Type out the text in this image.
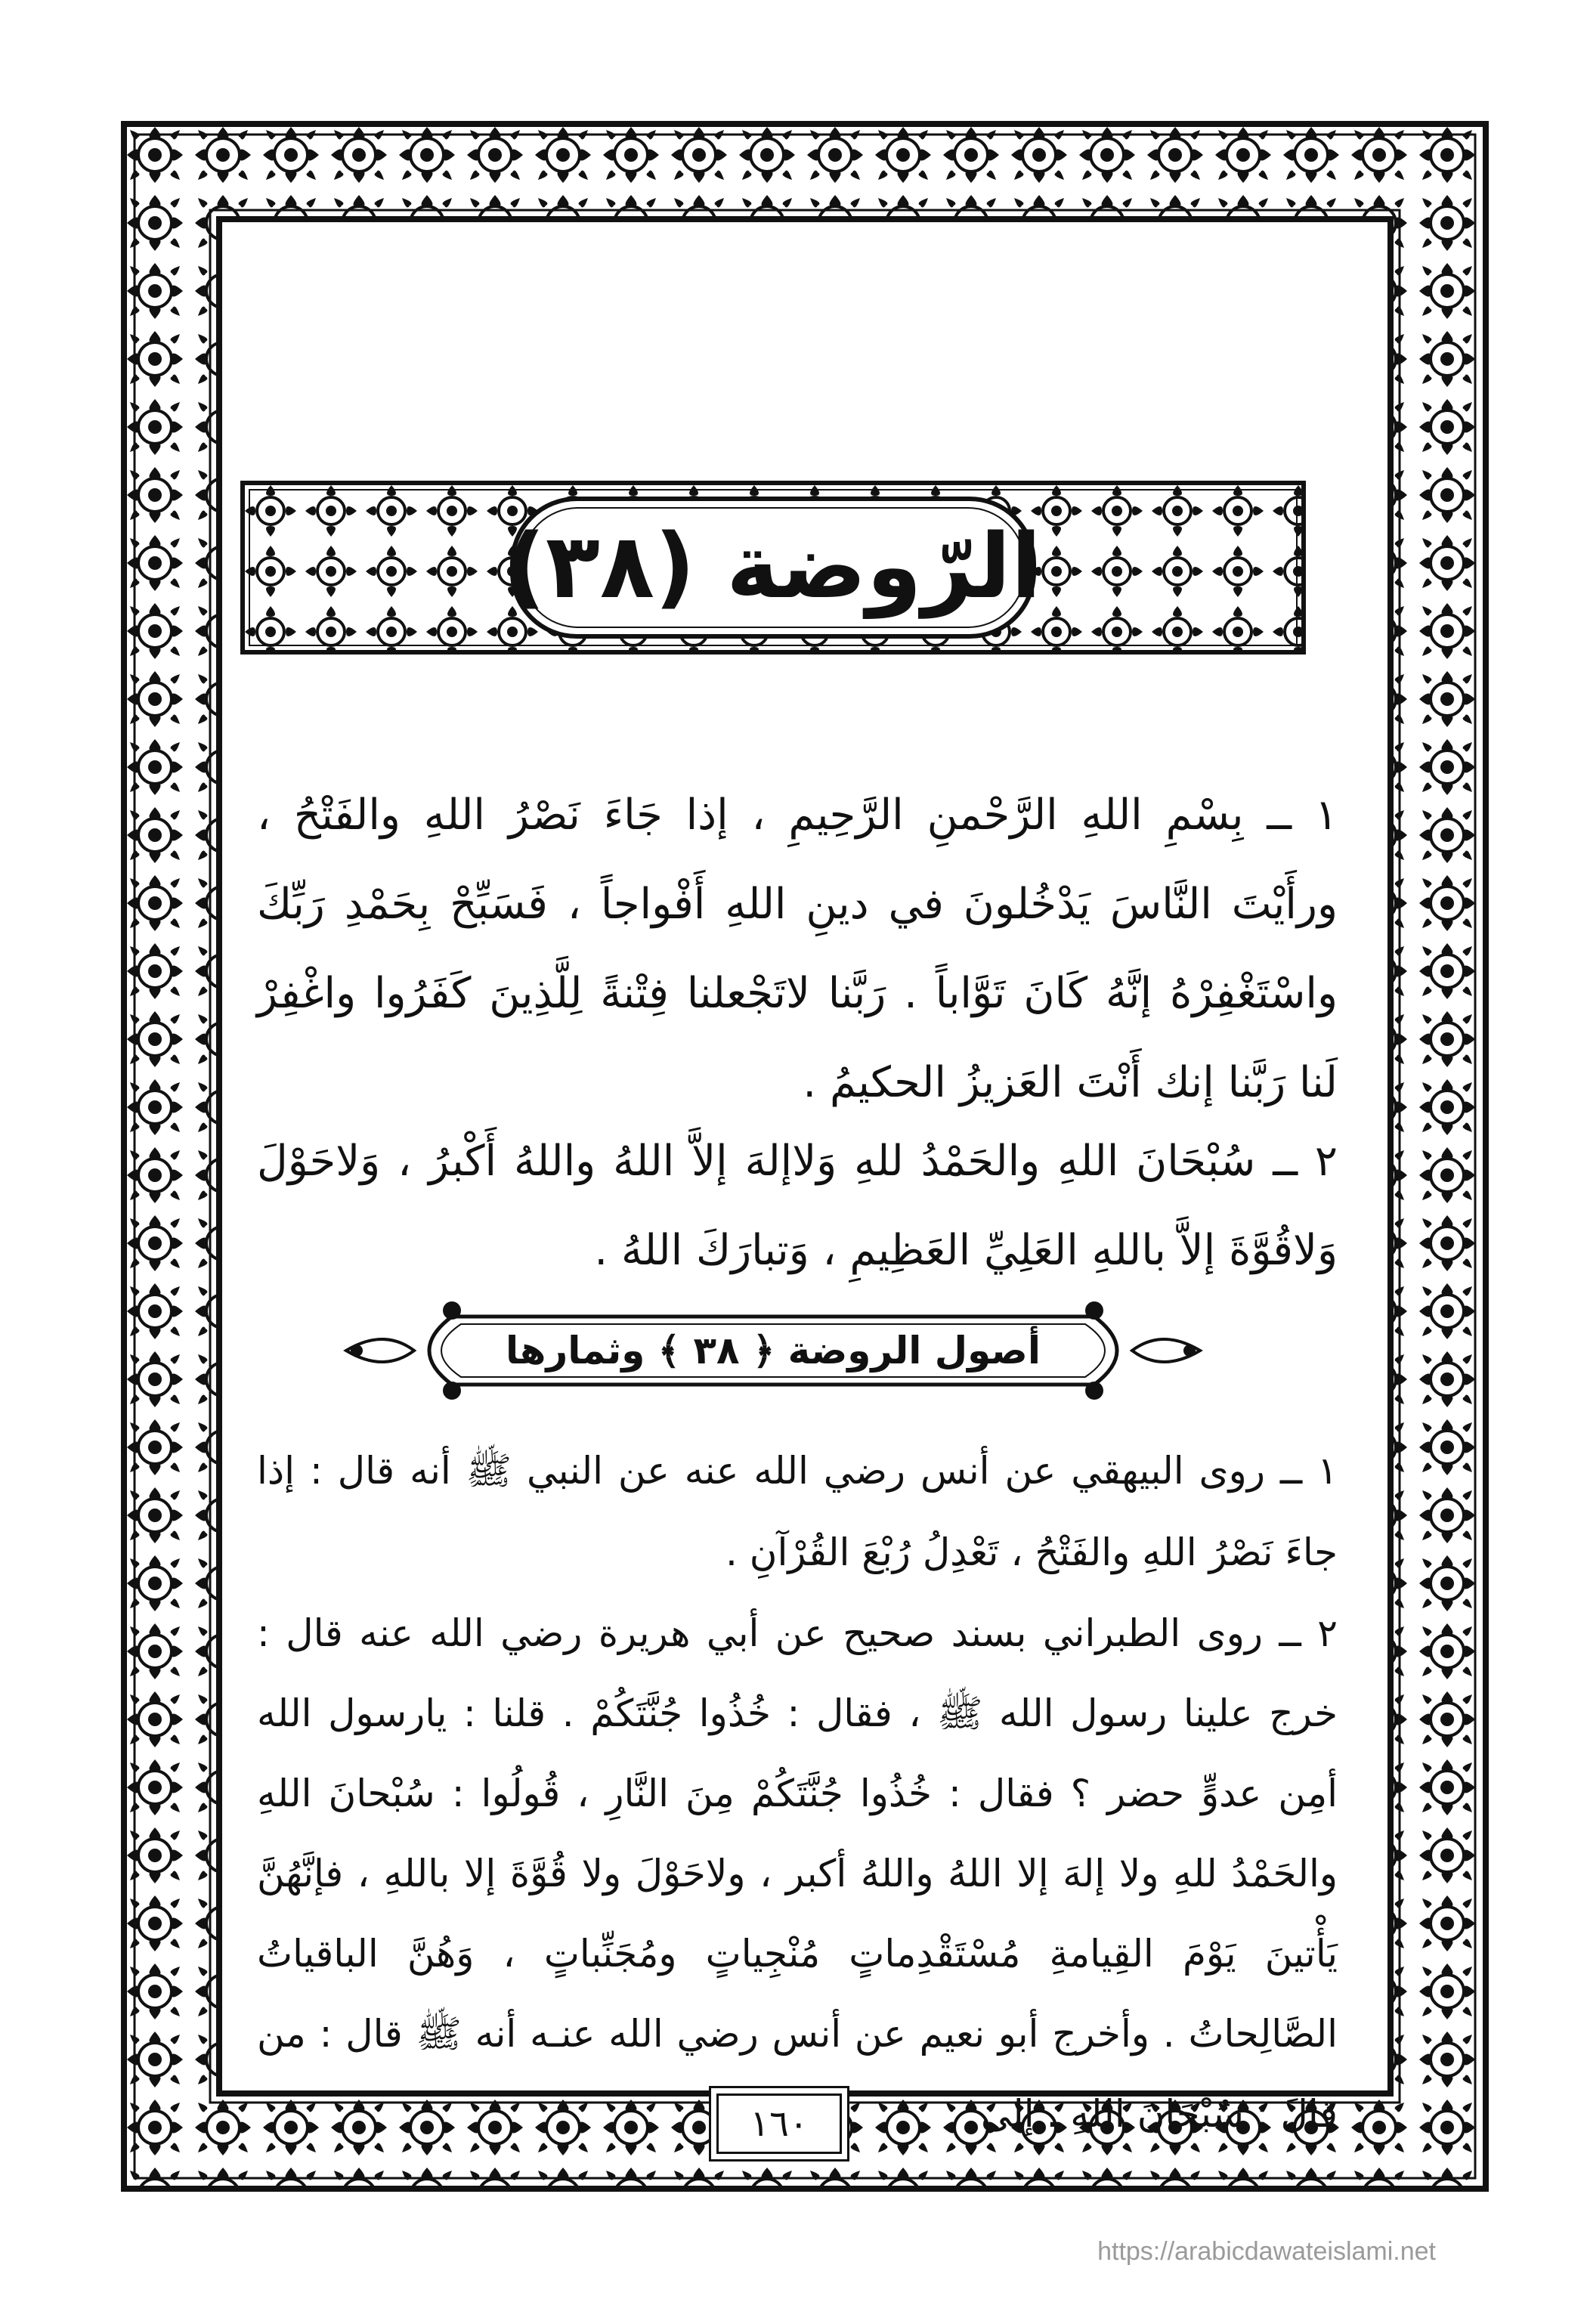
الرّوضة (٣٨)

١ ــ بِسْمِ اللهِ الرَّحْمنِ الرَّحِيمِ ، إذا جَاءَ نَصْرُ اللهِ والفَتْحُ ، ورأَيْتَ النَّاسَ يَدْخُلونَ في دينِ اللهِ أَفْواجاً ، فَسَبِّحْ بِحَمْدِ رَبِّكَ واسْتَغْفِرْهُ إنَّهُ كَانَ تَوَّاباً . رَبَّنا لاتَجْعلنا فِتْنةً لِلَّذِينَ كَفَرُوا واغْفِرْ لَنا رَبَّنا إنك أَنْتَ العَزيزُ الحكيمُ .

٢ ــ سُبْحَانَ اللهِ والحَمْدُ للهِ وَلاإلهَ إلاَّ اللهُ واللهُ أَكْبرُ ، وَلاحَوْلَ وَلاقُوَّةَ إلاَّ باللهِ العَلِيِّ العَظِيمِ ، وَتبارَكَ اللهُ .

أصول الروضة ﴿ ٣٨ ﴾ وثمارها

١ ــ روى البيهقي عن أنس رضي الله عنه عن النبي ﷺ أنه قال : إذا جاءَ نَصْرُ اللهِ والفَتْحُ ، تَعْدِلُ رُبْعَ القُرْآنِ .

٢ ــ روى الطبراني بسند صحيح عن أبي هريرة رضي الله عنه قال : خرج علينا رسول الله ﷺ ، فقال : خُذُوا جُنَّتَكُمْ . قلنا : يارسول الله أمِن عدوٍّ حضر ؟ فقال : خُذُوا جُنَّتَكُمْ مِنَ النَّارِ ، قُولُوا : سُبْحانَ اللهِ والحَمْدُ للهِ ولا إلهَ إلا اللهُ واللهُ أكبر ، ولاحَوْلَ ولا قُوَّةَ إلا باللهِ ، فإنَّهُنَّ يَأْتينَ يَوْمَ القِيامةِ مُسْتَقْدِماتٍ مُنْجِياتٍ ومُجَنِّباتٍ ، وَهُنَّ الباقياتُ الصَّالِحاتُ . وأخرج أبو نعيم عن أنس رضي الله عنـه أنه ﷺ قال : من قالَ : سُبْحَانَ اللهِ . إلى

١٦٠
https://arabicdawateislami.net
